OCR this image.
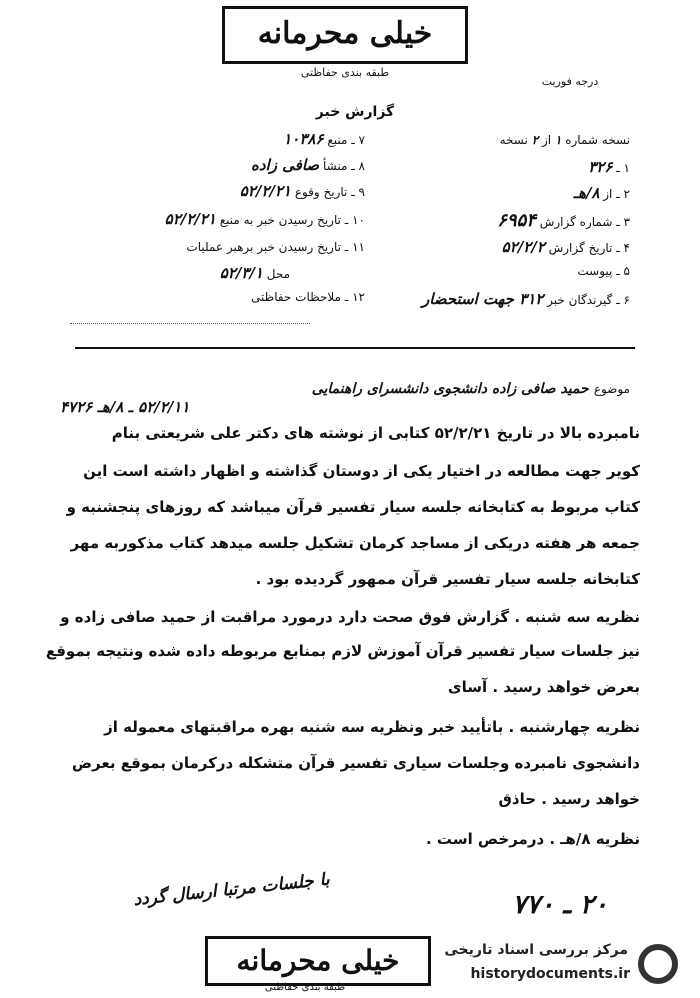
خیلی محرمانه
طبقه بندی حفاظتی
درجه فوریت
گزارش خبر
نسخه شماره ۱ از ۲ نسخه
۱ ـ ۳۲۶
۲ ـ از ۸/هـ
۳ ـ شماره گزارش ۶۹۵۴
۴ ـ تاریخ گزارش ۵۲/۲/۲
۵ ـ پیوست
۶ ـ گیرندگان خبر ۳۱۲ جهت استحضار
۷ ـ منبع ۱۰۳۸۶
۸ ـ منشأ صافی زاده
۹ ـ تاریخ وقوع ۵۲/۲/۲۱
۱۰ ـ تاریخ رسیدن خبر به منبع ۵۲/۲/۲۱
۱۱ ـ تاریخ رسیدن خبر برهبر عملیات
محل ۵۲/۳/۱
۱۲ ـ ملاحظات حفاظتی
موضوع حمید صافی زاده دانشجوی دانشسرای راهنمایی
۵۲/۲/۱۱ ـ ۸/هـ ۴۷۲۶
نامبرده بالا در تاریخ ۵۲/۲/۲۱ کتابی از نوشته های دکتر علی شریعتی بنام
کویر جهت مطالعه در اختیار یکی از دوستان گذاشته و اظهار داشته است این
کتاب مربوط به کتابخانه جلسه سیار تفسیر قرآن میباشد که روزهای پنجشنبه و
جمعه هر هفته دریکی از مساجد کرمان تشکیل جلسه میدهد کتاب مذکوربه مهر
کتابخانه جلسه سیار تفسیر قرآن ممهور گردیده بود .
نظریه سه شنبه . گزارش فوق صحت دارد درمورد مراقبت از حمید صافی زاده و
نیز جلسات سیار تفسیر قرآن آموزش لازم بمنابع مربوطه داده شده ونتیجه بموقع
بعرض خواهد رسید . آسای
نظریه چهارشنبه . باتأیید خبر ونظریه سه شنبه بهره مراقبتهای معموله از
دانشجوی نامبرده وجلسات سیاری تفسیر قرآن متشکله درکرمان بموقع بعرض
خواهد رسید . حاذق
نظریه ۸/هـ . درمرخص است .
با جلسات مرتبا ارسال گردد	۲۰ ـ ۷۷۰
خیلی محرمانه
طبقه بندی حفاظتی
مرکز بررسی اسناد تاریخی
historydocuments.ir
